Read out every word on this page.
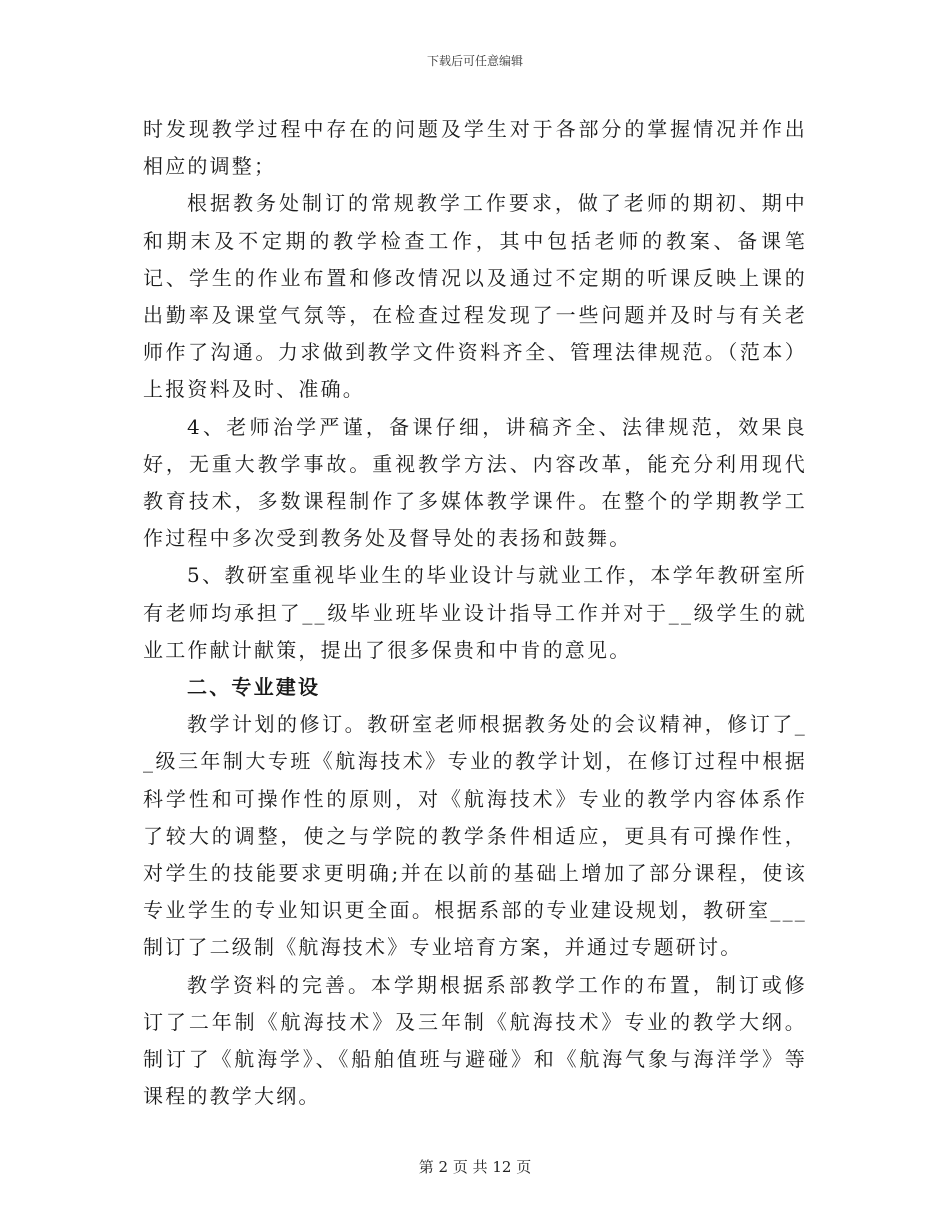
下载后可任意编辑

时发现教学过程中存在的问题及学生对于各部分的掌握情况并作出相应的调整；

根据教务处制订的常规教学工作要求，做了老师的期初、期中和期末及不定期的教学检查工作，其中包括老师的教案、备课笔记、学生的作业布置和修改情况以及通过不定期的听课反映上课的出勤率及课堂气氛等，在检查过程发现了一些问题并及时与有关老师作了沟通。力求做到教学文件资料齐全、管理法律规范。（范本）上报资料及时、准确。

4、老师治学严谨，备课仔细，讲稿齐全、法律规范，效果良好，无重大教学事故。重视教学方法、内容改革，能充分利用现代教育技术，多数课程制作了多媒体教学课件。在整个的学期教学工作过程中多次受到教务处及督导处的表扬和鼓舞。

5、教研室重视毕业生的毕业设计与就业工作，本学年教研室所有老师均承担了__级毕业班毕业设计指导工作并对于__级学生的就业工作献计献策，提出了很多保贵和中肯的意见。

二、专业建设

教学计划的修订。教研室老师根据教务处的会议精神，修订了__级三年制大专班《航海技术》专业的教学计划，在修订过程中根据科学性和可操作性的原则，对《航海技术》专业的教学内容体系作了较大的调整，使之与学院的教学条件相适应，更具有可操作性，对学生的技能要求更明确;并在以前的基础上增加了部分课程，使该专业学生的专业知识更全面。根据系部的专业建设规划，教研室___制订了二级制《航海技术》专业培育方案，并通过专题研讨。

教学资料的完善。本学期根据系部教学工作的布置，制订或修订了二年制《航海技术》及三年制《航海技术》专业的教学大纲。制订了《航海学》、《船舶值班与避碰》和《航海气象与海洋学》等课程的教学大纲。

第 2 页 共 12 页
